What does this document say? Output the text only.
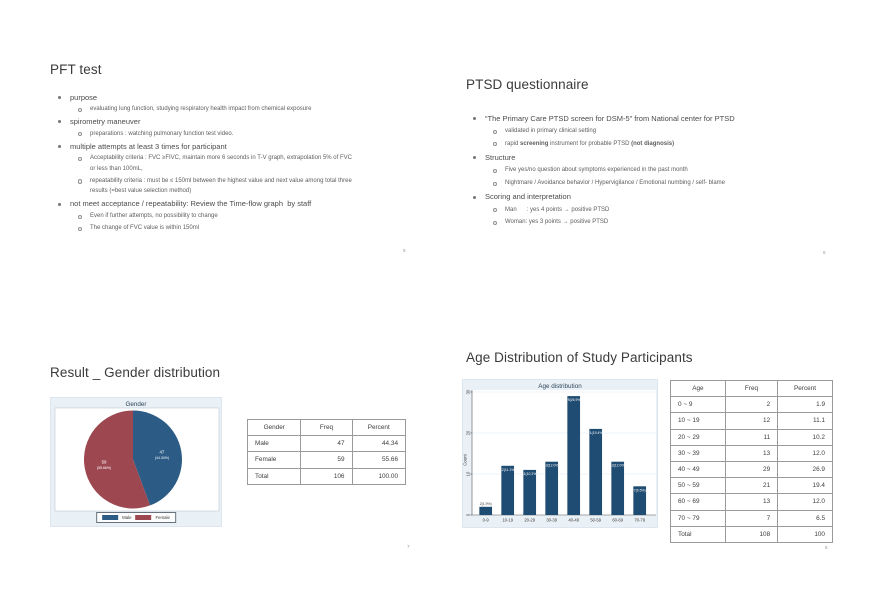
PFT test
purpose
evaluating lung function, studying respiratory health impact from chemical exposure
spirometry maneuver
preparations : watching pulmonary function test video.
multiple attempts at least 3 times for participant
Acceptability criteria : FVC ≥FIVC, maintain more 6 seconds in T-V graph, extrapolation 5% of FVC
or less than 100mL,
repeatability criteria : must be ≤ 150ml between the highest value and next value among total three
results (=best value selection method)
not meet acceptance / repeatability: Review the Time-flow graph  by staff
Even if further attempts, no possibility to change
The change of FVC value is within 150ml
5
PTSD questionnaire
“The Primary Care PTSD screen for DSM-5” from National center for PTSD
validated in primary clinical setting
rapid screening instrument for probable PTSD (not diagnosis)
Structure
Five yes/no question about symptoms experienced in the past month
Nightmare / Avoidance behavior / Hypervigilance / Emotional numbing / self- blame
Scoring and interpretation
Man      : yes 4 points → positive PTSD
Woman: yes 3 points → positive PTSD
6
Result _ Gender distribution
47
(44.34%)
59
(55.66%)
Gender
Male	Female
Gender	Freq	Percent
Male	47	44.34
Female	59	55.66
Total	106	100.00
7
Age Distribution of Study Participants
0
10
20
30
Count
2(1.9%)
0-9
12(11.1%)
10-19
11(10.2%)
20-29
13(12.0%)
30-39
29(26.9%)
40-49
21(19.4%)
50-59
13(12.0%)
60-69
7(6.5%)
70-79
Age distribution	Age	Freq	Percent
0 ~ 9	2	1.9
10 ~ 19	12	11.1
20 ~ 29	11	10.2
30 ~ 39	13	12.0
40 ~ 49	29	26.9
50 ~ 59	21	19.4
60 ~ 69	13	12.0
70 ~ 79	7	6.5
Total	108	100
8
